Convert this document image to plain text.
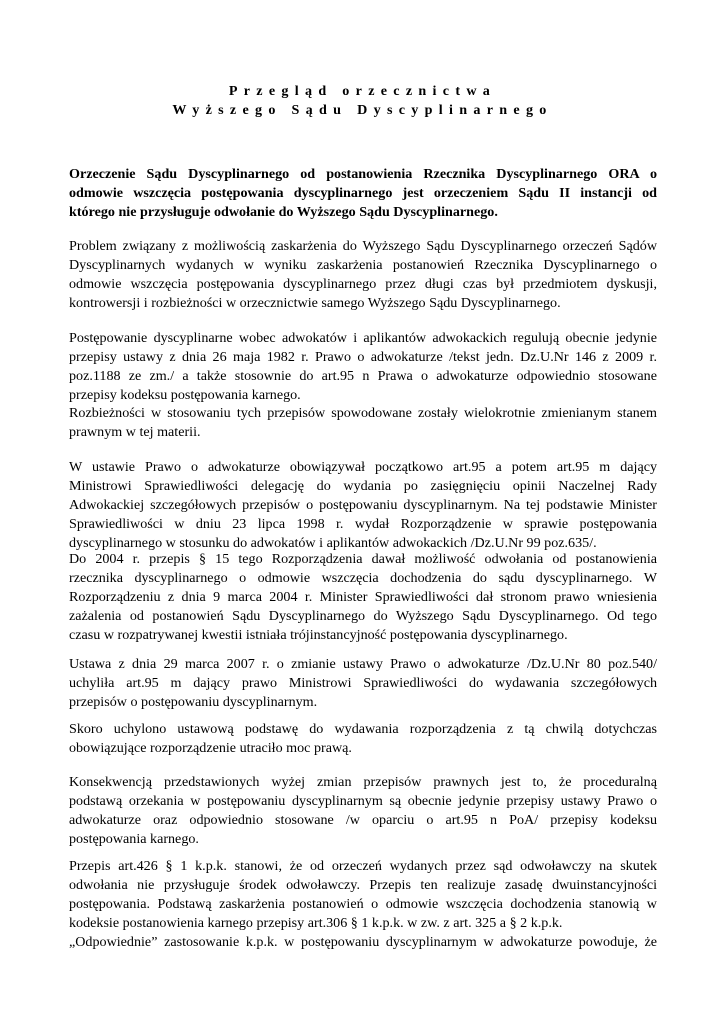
Przegląd orzecznictwa
Wyższego Sądu Dyscyplinarnego
Orzeczenie Sądu Dyscyplinarnego od postanowienia Rzecznika Dyscyplinarnego ORA o
odmowie wszczęcia postępowania dyscyplinarnego jest orzeczeniem Sądu II instancji od
którego nie przysługuje odwołanie do Wyższego Sądu Dyscyplinarnego.
Problem związany z możliwością zaskarżenia do Wyższego Sądu Dyscyplinarnego orzeczeń Sądów
Dyscyplinarnych wydanych w wyniku zaskarżenia postanowień Rzecznika Dyscyplinarnego o
odmowie wszczęcia postępowania dyscyplinarnego przez długi czas był przedmiotem dyskusji,
kontrowersji i rozbieżności w orzecznictwie samego Wyższego Sądu Dyscyplinarnego.
Postępowanie dyscyplinarne wobec adwokatów i aplikantów adwokackich regulują obecnie jedynie
przepisy ustawy z dnia 26 maja 1982 r. Prawo o adwokaturze /tekst jedn. Dz.U.Nr 146 z 2009 r.
poz.1188 ze zm./ a także stosownie do art.95 n Prawa o adwokaturze odpowiednio stosowane
przepisy kodeksu postępowania karnego.
Rozbieżności w stosowaniu tych przepisów spowodowane zostały wielokrotnie zmienianym stanem
prawnym w tej materii.
W ustawie Prawo o adwokaturze obowiązywał początkowo art.95 a potem art.95 m dający
Ministrowi Sprawiedliwości delegację do wydania po zasięgnięciu opinii Naczelnej Rady
Adwokackiej szczegółowych przepisów o postępowaniu dyscyplinarnym. Na tej podstawie Minister
Sprawiedliwości w dniu 23 lipca 1998 r. wydał Rozporządzenie w sprawie postępowania
dyscyplinarnego w stosunku do adwokatów i aplikantów adwokackich /Dz.U.Nr 99 poz.635/.
Do 2004 r. przepis § 15 tego Rozporządzenia dawał możliwość odwołania od postanowienia
rzecznika dyscyplinarnego o odmowie wszczęcia dochodzenia do sądu dyscyplinarnego. W
Rozporządzeniu z dnia 9 marca 2004 r. Minister Sprawiedliwości dał stronom prawo wniesienia
zażalenia od postanowień Sądu Dyscyplinarnego do Wyższego Sądu Dyscyplinarnego. Od tego
czasu w rozpatrywanej kwestii istniała trójinstancyjność postępowania dyscyplinarnego.
Ustawa z dnia 29 marca 2007 r. o zmianie ustawy Prawo o adwokaturze /Dz.U.Nr 80 poz.540/
uchyliła art.95 m dający prawo Ministrowi Sprawiedliwości do wydawania szczegółowych
przepisów o postępowaniu dyscyplinarnym.
Skoro uchylono ustawową podstawę do wydawania rozporządzenia z tą chwilą dotychczas
obowiązujące rozporządzenie utraciło moc prawą.
Konsekwencją przedstawionych wyżej zmian przepisów prawnych jest to, że proceduralną
podstawą orzekania w postępowaniu dyscyplinarnym są obecnie jedynie przepisy ustawy Prawo o
adwokaturze oraz odpowiednio stosowane /w oparciu o art.95 n PoA/ przepisy kodeksu
postępowania karnego.
Przepis art.426 § 1 k.p.k. stanowi, że od orzeczeń wydanych przez sąd odwoławczy na skutek
odwołania nie przysługuje środek odwoławczy. Przepis ten realizuje zasadę dwuinstancyjności
postępowania. Podstawą zaskarżenia postanowień o odmowie wszczęcia dochodzenia stanowią w
kodeksie postanowienia karnego przepisy art.306 § 1 k.p.k. w zw. z art. 325 a § 2 k.p.k.
„Odpowiednie” zastosowanie k.p.k. w postępowaniu dyscyplinarnym w adwokaturze powoduje, że
